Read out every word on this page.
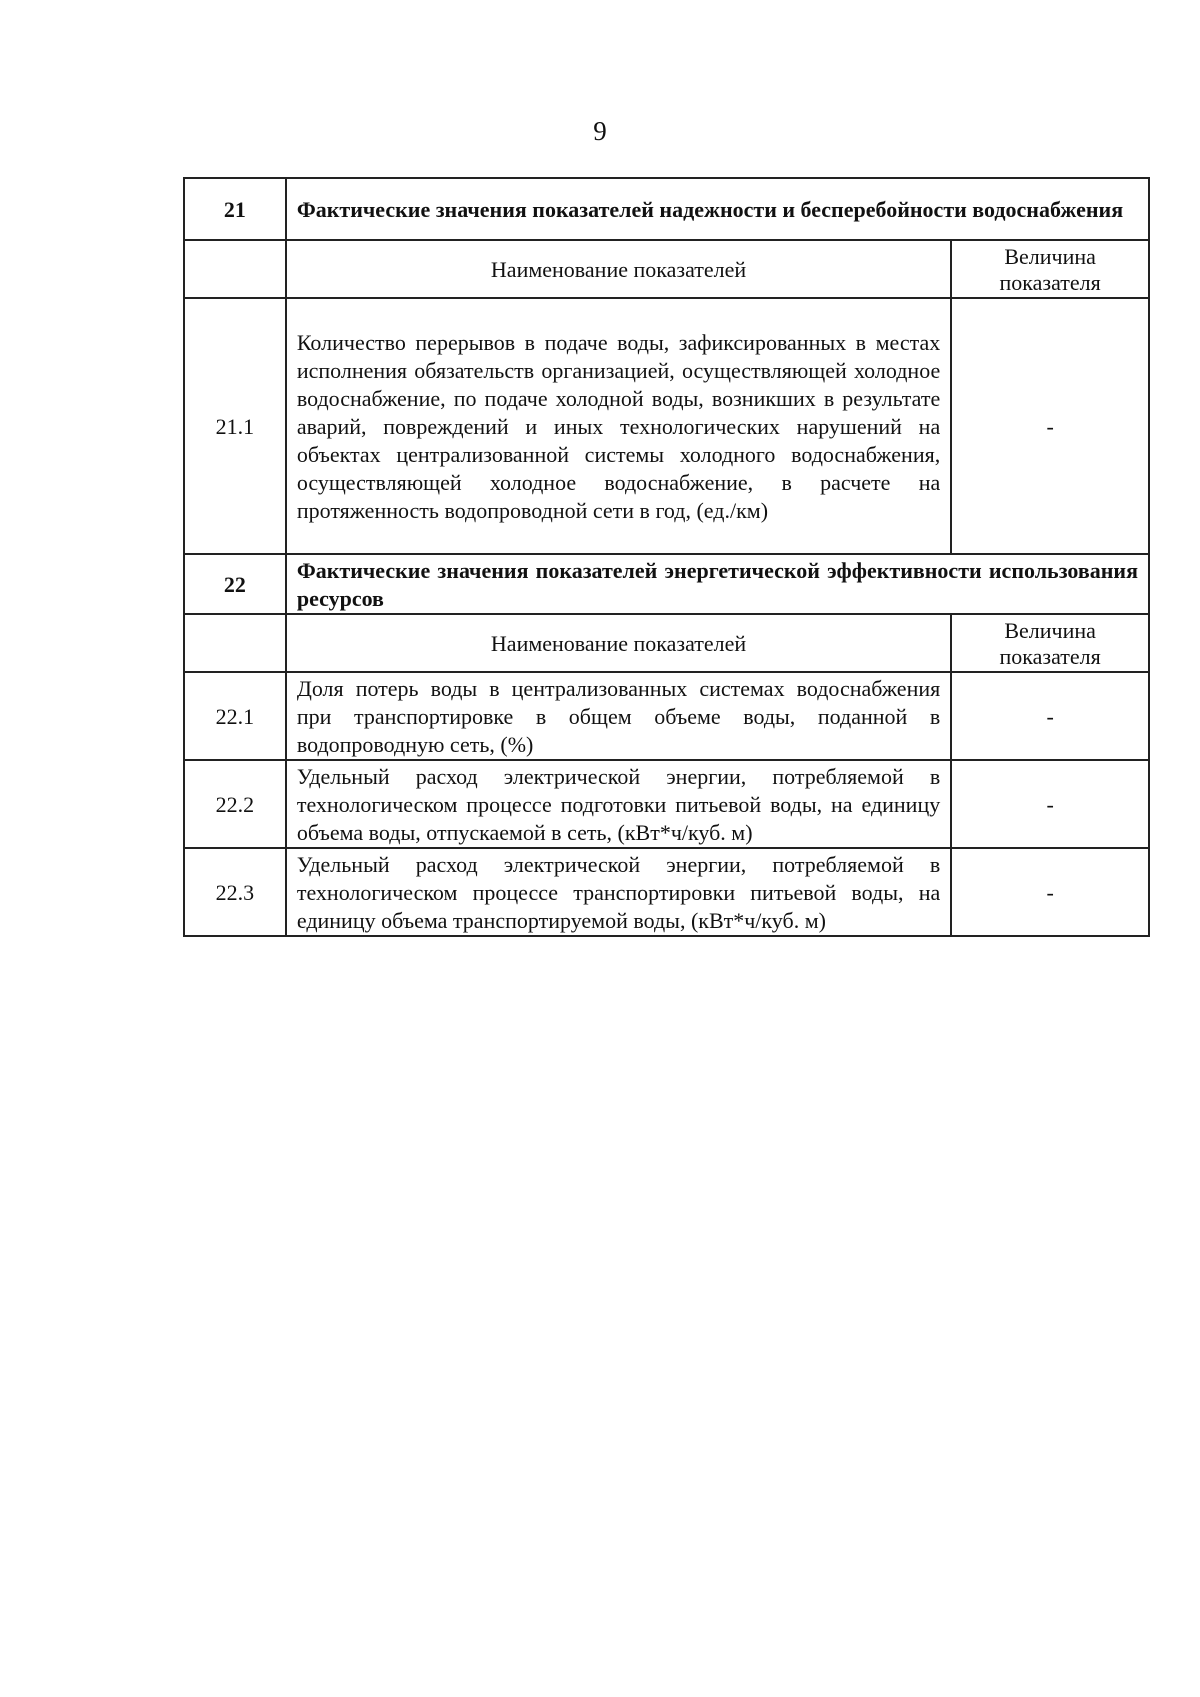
9
21	Фактические значения показателей надежности и бесперебойности водоснабжения	
	Наименование показателей	Величина показателя
21.1	Количество перерывов в подаче воды, зафиксированных в местах исполнения обязательств организацией, осуществляющей холодное водоснабжение, по подаче холодной воды, возникших в результате аварий, повреждений и иных технологических нарушений на объектах централизованной системы холодного водоснабжения, осуществляющей холодное водоснабжение, в расчете на протяженность водопроводной сети в год, (ед./км)	-
22	Фактические значения показателей энергетической эффективности использования ресурсов	
	Наименование показателей	Величина показателя
22.1	Доля потерь воды в централизованных системах водоснабжения при транспортировке в общем объеме воды, поданной в водопроводную сеть, (%)	-
22.2	Удельный расход электрической энергии, потребляемой в технологическом процессе подготовки питьевой воды, на единицу объема воды, отпускаемой в сеть, (кВт*ч/куб. м)	-
22.3	Удельный расход электрической энергии, потребляемой в технологическом процессе транспортировки питьевой воды, на единицу объема транспортируемой воды, (кВт*ч/куб. м)	-
